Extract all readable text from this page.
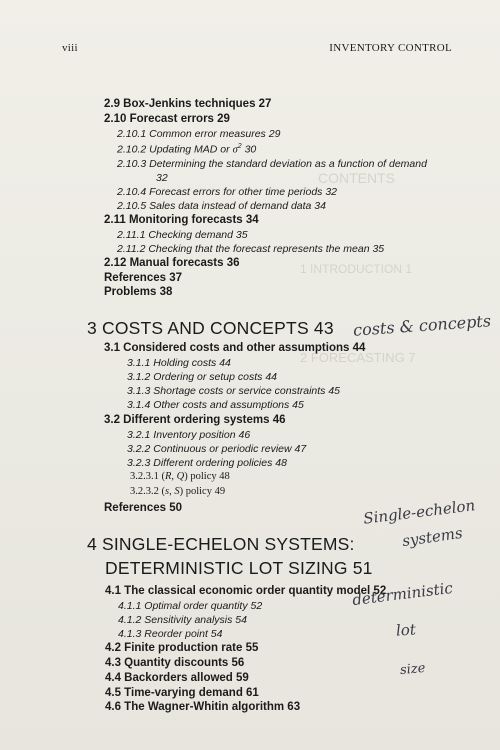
CONTENTS
1 INTRODUCTION 1
2 FORECASTING 7
viii	INVENTORY CONTROL
2.9 Box-Jenkins techniques 27
2.10 Forecast errors 29
2.10.1 Common error measures 29
2.10.2 Updating MAD or $\sigma^2$ 30
2.10.3 Determining the standard deviation as a function of demand
32
2.10.4 Forecast errors for other time periods 32
2.10.5 Sales data instead of demand data 34
2.11 Monitoring forecasts 34
2.11.1 Checking demand 35
2.11.2 Checking that the forecast represents the mean 35
2.12 Manual forecasts 36
References 37
Problems 38
3 COSTS AND CONCEPTS 43
3.1 Considered costs and other assumptions 44
3.1.1 Holding costs 44
3.1.2 Ordering or setup costs 44
3.1.3 Shortage costs or service constraints 45
3.1.4 Other costs and assumptions 45
3.2 Different ordering systems 46
3.2.1 Inventory position 46
3.2.2 Continuous or periodic review 47
3.2.3 Different ordering policies 48
3.2.3.1 (R, Q) policy 48
3.2.3.2 (s, S) policy 49
References 50
4 SINGLE-ECHELON SYSTEMS:
DETERMINISTIC LOT SIZING 51
4.1 The classical economic order quantity model 52
4.1.1 Optimal order quantity 52
4.1.2 Sensitivity analysis 54
4.1.3 Reorder point 54
4.2 Finite production rate 55
4.3 Quantity discounts 56
4.4 Backorders allowed 59
4.5 Time-varying demand 61
4.6 The Wagner-Whitin algorithm 63
costs & concepts
Single-echelon
systems
deterministic
lot
size
